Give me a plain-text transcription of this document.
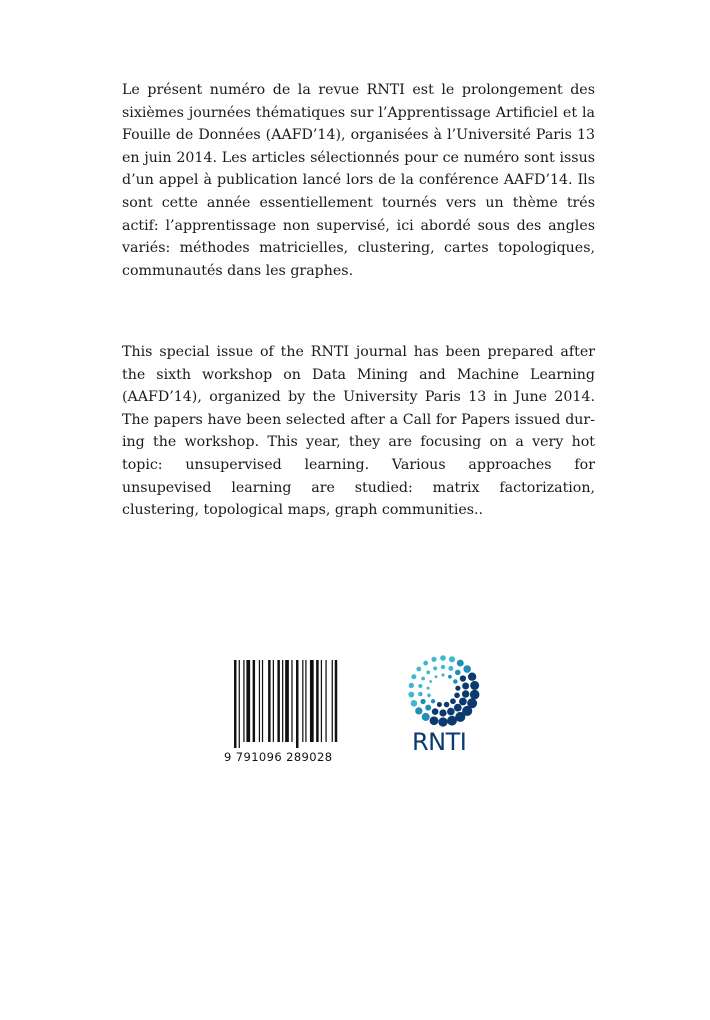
Le présent numéro de la revue RNTI est le prolongement des sixièmes journées thématiques sur l’Apprentissage Artificiel et la Fouille de Données (AAFD’14), organisées à l’Université Paris 13 en juin 2014. Les articles sélectionnés pour ce numéro sont issus d’un appel à publication lancé lors de la conférence AAFD’14. Ils sont cette année essentiellement tournés vers un thème trés actif: l’apprentissage non supervisé, ici abordé sous des angles variés: méthodes matricielles, clustering, cartes topologiques, communautés dans les graphes.

This special issue of the RNTI journal has been prepared after the sixth workshop on Data Mining and Machine Learning (AAFD’14), organized by the University Paris 13 in June 2014. The papers have been selected after a Call for Papers issued during the workshop. This year, they are focusing on a very hot topic: unsupervised learning. Various approaches for unsupevised learning are studied: matrix factorization, clustering, topological maps, graph communities..

9 791096 289028
RNTI
